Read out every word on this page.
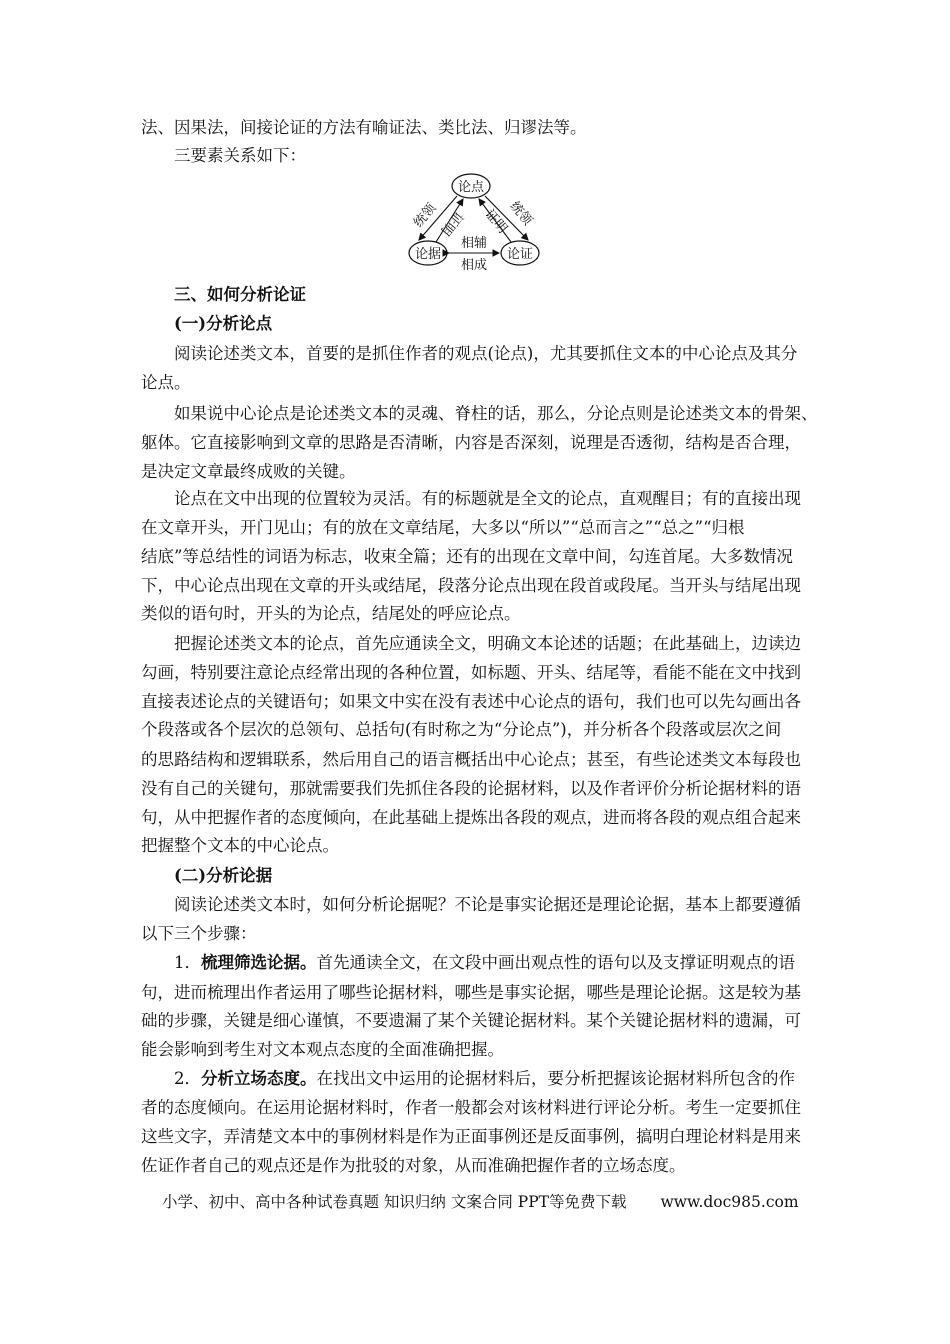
法、因果法，间接论证的方法有喻证法、类比法、归谬法等。
三要素关系如下：
论点
论据	论证
统领
证明 证明
统领
相辅
相成
三、如何分析论证
(一)分析论点
阅读论述类文本，首要的是抓住作者的观点(论点)，尤其要抓住文本的中心论点及其分
论点。
如果说中心论点是论述类文本的灵魂、脊柱的话，那么，分论点则是论述类文本的骨架、
躯体。它直接影响到文章的思路是否清晰，内容是否深刻，说理是否透彻，结构是否合理，
是决定文章最终成败的关键。
论点在文中出现的位置较为灵活。有的标题就是全文的论点，直观醒目；有的直接出现
在文章开头，开门见山；有的放在文章结尾，大多以“所以”“总而言之”“总之”“归根
结底”等总结性的词语为标志，收束全篇；还有的出现在文章中间，勾连首尾。大多数情况
下，中心论点出现在文章的开头或结尾，段落分论点出现在段首或段尾。当开头与结尾出现
类似的语句时，开头的为论点，结尾处的呼应论点。
把握论述类文本的论点，首先应通读全文，明确文本论述的话题；在此基础上，边读边
勾画，特别要注意论点经常出现的各种位置，如标题、开头、结尾等，看能不能在文中找到
直接表述论点的关键语句；如果文中实在没有表述中心论点的语句，我们也可以先勾画出各
个段落或各个层次的总领句、总括句(有时称之为“分论点”)，并分析各个段落或层次之间
的思路结构和逻辑联系，然后用自己的语言概括出中心论点；甚至，有些论述类文本每段也
没有自己的关键句，那就需要我们先抓住各段的论据材料，以及作者评价分析论据材料的语
句，从中把握作者的态度倾向，在此基础上提炼出各段的观点，进而将各段的观点组合起来
把握整个文本的中心论点。
(二)分析论据
阅读论述类文本时，如何分析论据呢？不论是事实论据还是理论论据，基本上都要遵循
以下三个步骤：
1．梳理筛选论据。首先通读全文，在文段中画出观点性的语句以及支撑证明观点的语
句，进而梳理出作者运用了哪些论据材料，哪些是事实论据，哪些是理论论据。这是较为基
础的步骤，关键是细心谨慎，不要遗漏了某个关键论据材料。某个关键论据材料的遗漏，可
能会影响到考生对文本观点态度的全面准确把握。
2．分析立场态度。在找出文中运用的论据材料后，要分析把握该论据材料所包含的作
者的态度倾向。在运用论据材料时，作者一般都会对该材料进行评论分析。考生一定要抓住
这些文字，弄清楚文本中的事例材料是作为正面事例还是反面事例，搞明白理论材料是用来
佐证作者自己的观点还是作为批驳的对象，从而准确把握作者的立场态度。
小学、初中、高中各种试卷真题 知识归纳 文案合同 PPT等免费下载 www.doc985.com
